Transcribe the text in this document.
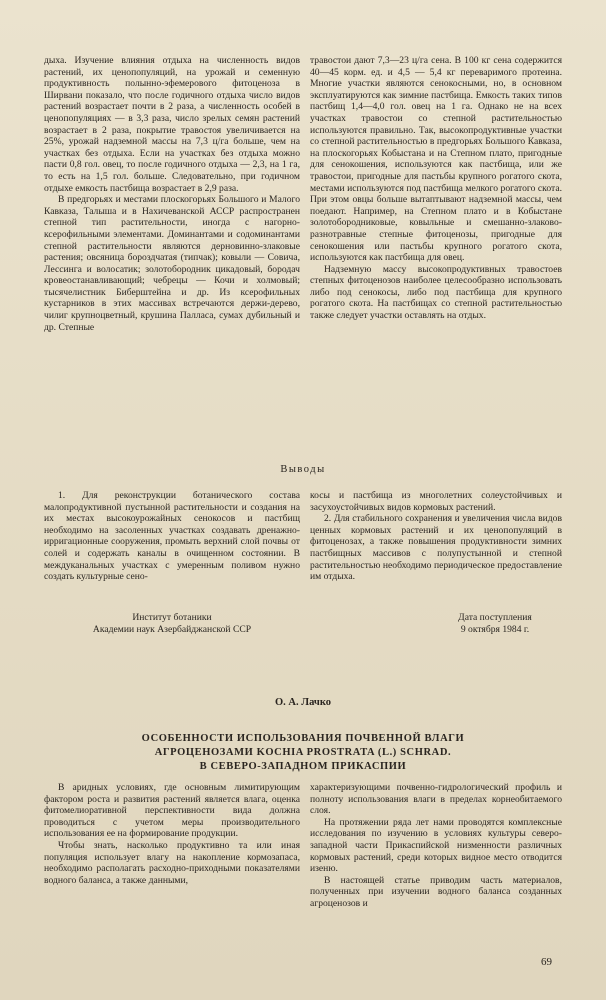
дыха. Изучение влияния отдыха на численность видов растений, их ценопопуляций, на урожай и семенную продуктивность полынно-эфемерового фитоценоза в Ширвани показало, что после годичного отдыха число видов растений возрастает почти в 2 раза, а численность особей в ценопопуляциях — в 3,3 раза, число зрелых семян растений возрастает в 2 раза, покрытие травостоя увеличивается на 25%, урожай надземной массы на 7,3 ц/га больше, чем на участках без отдыха. Если на участках без отдыха можно пасти 0,8 гол. овец, то после годичного отдыха — 2,3, на 1 га, то есть на 1,5 гол. больше. Следовательно, при годичном отдыхе емкость пастбища возрастает в 2,9 раза.

В предгорьях и местами плоскогорьях Большого и Малого Кавказа, Талыша и в Нахичеванской АССР распространен степной тип растительности, иногда с нагорно-ксерофильными элементами. Доминантами и содоминантами степной растительности являются дерновинно-злаковые растения; овсяница бороздчатая (типчак); ковыли — Совича, Лессинга и волосатик; золотобородник цикадовый, бородач кровеостанавливающий; чебрецы — Кочи и холмовый; тысячелистник Биберштейна и др. Из ксерофильных кустарников в этих массивах встречаются держи-дерево, чилиг крупноцветный, крушина Палласа, сумах дубильный и др. Степные

травостои дают 7,3—23 ц/га сена. В 100 кг сена содержится 40—45 корм. ед. и 4,5 — 5,4 кг переваримого протеина. Многие участки являются сенокосными, но, в основном эксплуатируются как зимние пастбища. Емкость таких типов пастбищ 1,4—4,0 гол. овец на 1 га. Однако не на всех участках травостои со степной растительностью используются правильно. Так, высокопродуктивные участки со степной растительностью в предгорьях Большого Кавказа, на плоскогорьях Кобыстана и на Степном плато, пригодные для сенокошения, используются как пастбища, или же травостои, пригодные для пастьбы крупного рогатого скота, местами используются под пастбища мелкого рогатого скота. При этом овцы больше вытаптывают надземной массы, чем поедают. Например, на Степном плато и в Кобыстане золотобородниковые, ковыльные и смешанно-злаково-разнотравные степные фитоценозы, пригодные для сенокошения или пастьбы крупного рогатого скота, используются как пастбища для овец.

Надземную массу высокопродуктивных травостоев степных фитоценозов наиболее целесообразно использовать либо под сенокосы, либо под пастбища для крупного рогатого скота. На пастбищах со степной растительностью также следует участки оставлять на отдых.

Выводы

1. Для реконструкции ботанического состава малопродуктивной пустынной растительности и создания на их местах высокоурожайных сенокосов и пастбищ необходимо на засоленных участках создавать дренажно-ирригационные сооружения, промыть верхний слой почвы от солей и содержать каналы в очищенном состоянии. В междуканальных участках с умеренным поливом нужно создать культурные сено-

косы и пастбища из многолетних солеустойчивых и засухоустойчивых видов кормовых растений.

2. Для стабильного сохранения и увеличения числа видов ценных кормовых растений и их ценопопуляций в фитоценозах, а также повышения продуктивности зимних пастбищных массивов с полупустынной и степной растительностью необходимо периодическое предоставление им отдыха.

Институт ботаники
Академии наук Азербайджанской ССР
Дата поступления
9 октября 1984 г.
О. А. Лачко
ОСОБЕННОСТИ ИСПОЛЬЗОВАНИЯ ПОЧВЕННОЙ ВЛАГИ
АГРОЦЕНОЗАМИ KOCHIA PROSTRATA (L.) SCHRAD.
В СЕВЕРО-ЗАПАДНОМ ПРИКАСПИИ

В аридных условиях, где основным лимитирующим фактором роста и развития растений является влага, оценка фитомелиоративной перспективности вида должна проводиться с учетом меры производительного использования ее на формирование продукции.

Чтобы знать, насколько продуктивно та или иная популяция использует влагу на накопление кормозапаса, необходимо располагать расходно-приходными показателями водного баланса, а также данными,

характеризующими почвенно-гидрологический профиль и полноту использования влаги в пределах корнеобитаемого слоя.

На протяжении ряда лет нами проводятся комплексные исследования по изучению в условиях культуры северо-западной части Прикаспийской низменности различных кормовых растений, среди которых видное место отводится изеню.

В настоящей статье приводим часть материалов, полученных при изучении водного баланса созданных агроценозов и

69
